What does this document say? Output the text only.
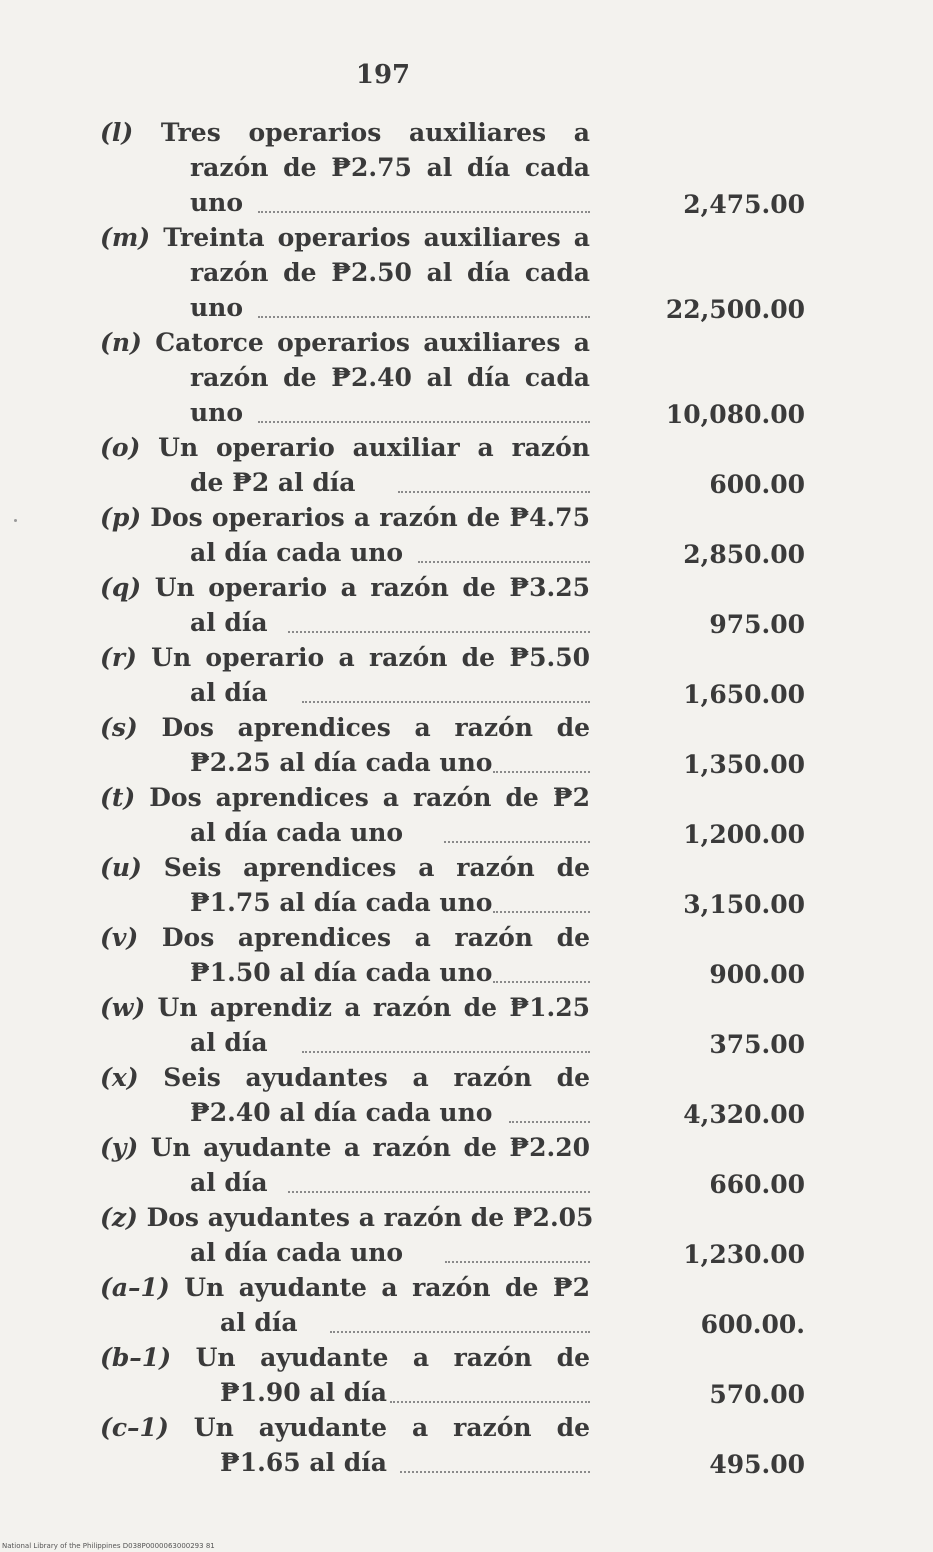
197
(l) Tres operarios auxiliares a
razón de ₱2.75 al día cada
uno	2,475.00
(m) Treinta operarios auxiliares a
razón de ₱2.50 al día cada
uno	22,500.00
(n) Catorce operarios auxiliares a
razón de ₱2.40 al día cada
uno	10,080.00
(o) Un operario auxiliar a razón
de ₱2 al día	600.00
(p) Dos operarios a razón de ₱4.75
al día cada uno	2,850.00
(q) Un operario a razón de ₱3.25
al día	975.00
(r) Un operario a razón de ₱5.50
al día	1,650.00
(s) Dos aprendices a razón de
₱2.25 al día cada uno	1,350.00
(t) Dos aprendices a razón de ₱2
al día cada uno	1,200.00
(u) Seis aprendices a razón de
₱1.75 al día cada uno	3,150.00
(v) Dos aprendices a razón de
₱1.50 al día cada uno	900.00
(w) Un aprendiz a razón de ₱1.25
al día	375.00
(x) Seis ayudantes a razón de
₱2.40 al día cada uno	4,320.00
(y) Un ayudante a razón de ₱2.20
al día	660.00
(z) Dos ayudantes a razón de ₱2.05
al día cada uno	1,230.00
(a–1) Un ayudante a razón de ₱2
al día	600.00.
(b–1) Un ayudante a razón de
₱1.90 al día	570.00
(c–1) Un ayudante a razón de
₱1.65 al día	495.00
National Library of the Philippines D038P0000063000293 81
